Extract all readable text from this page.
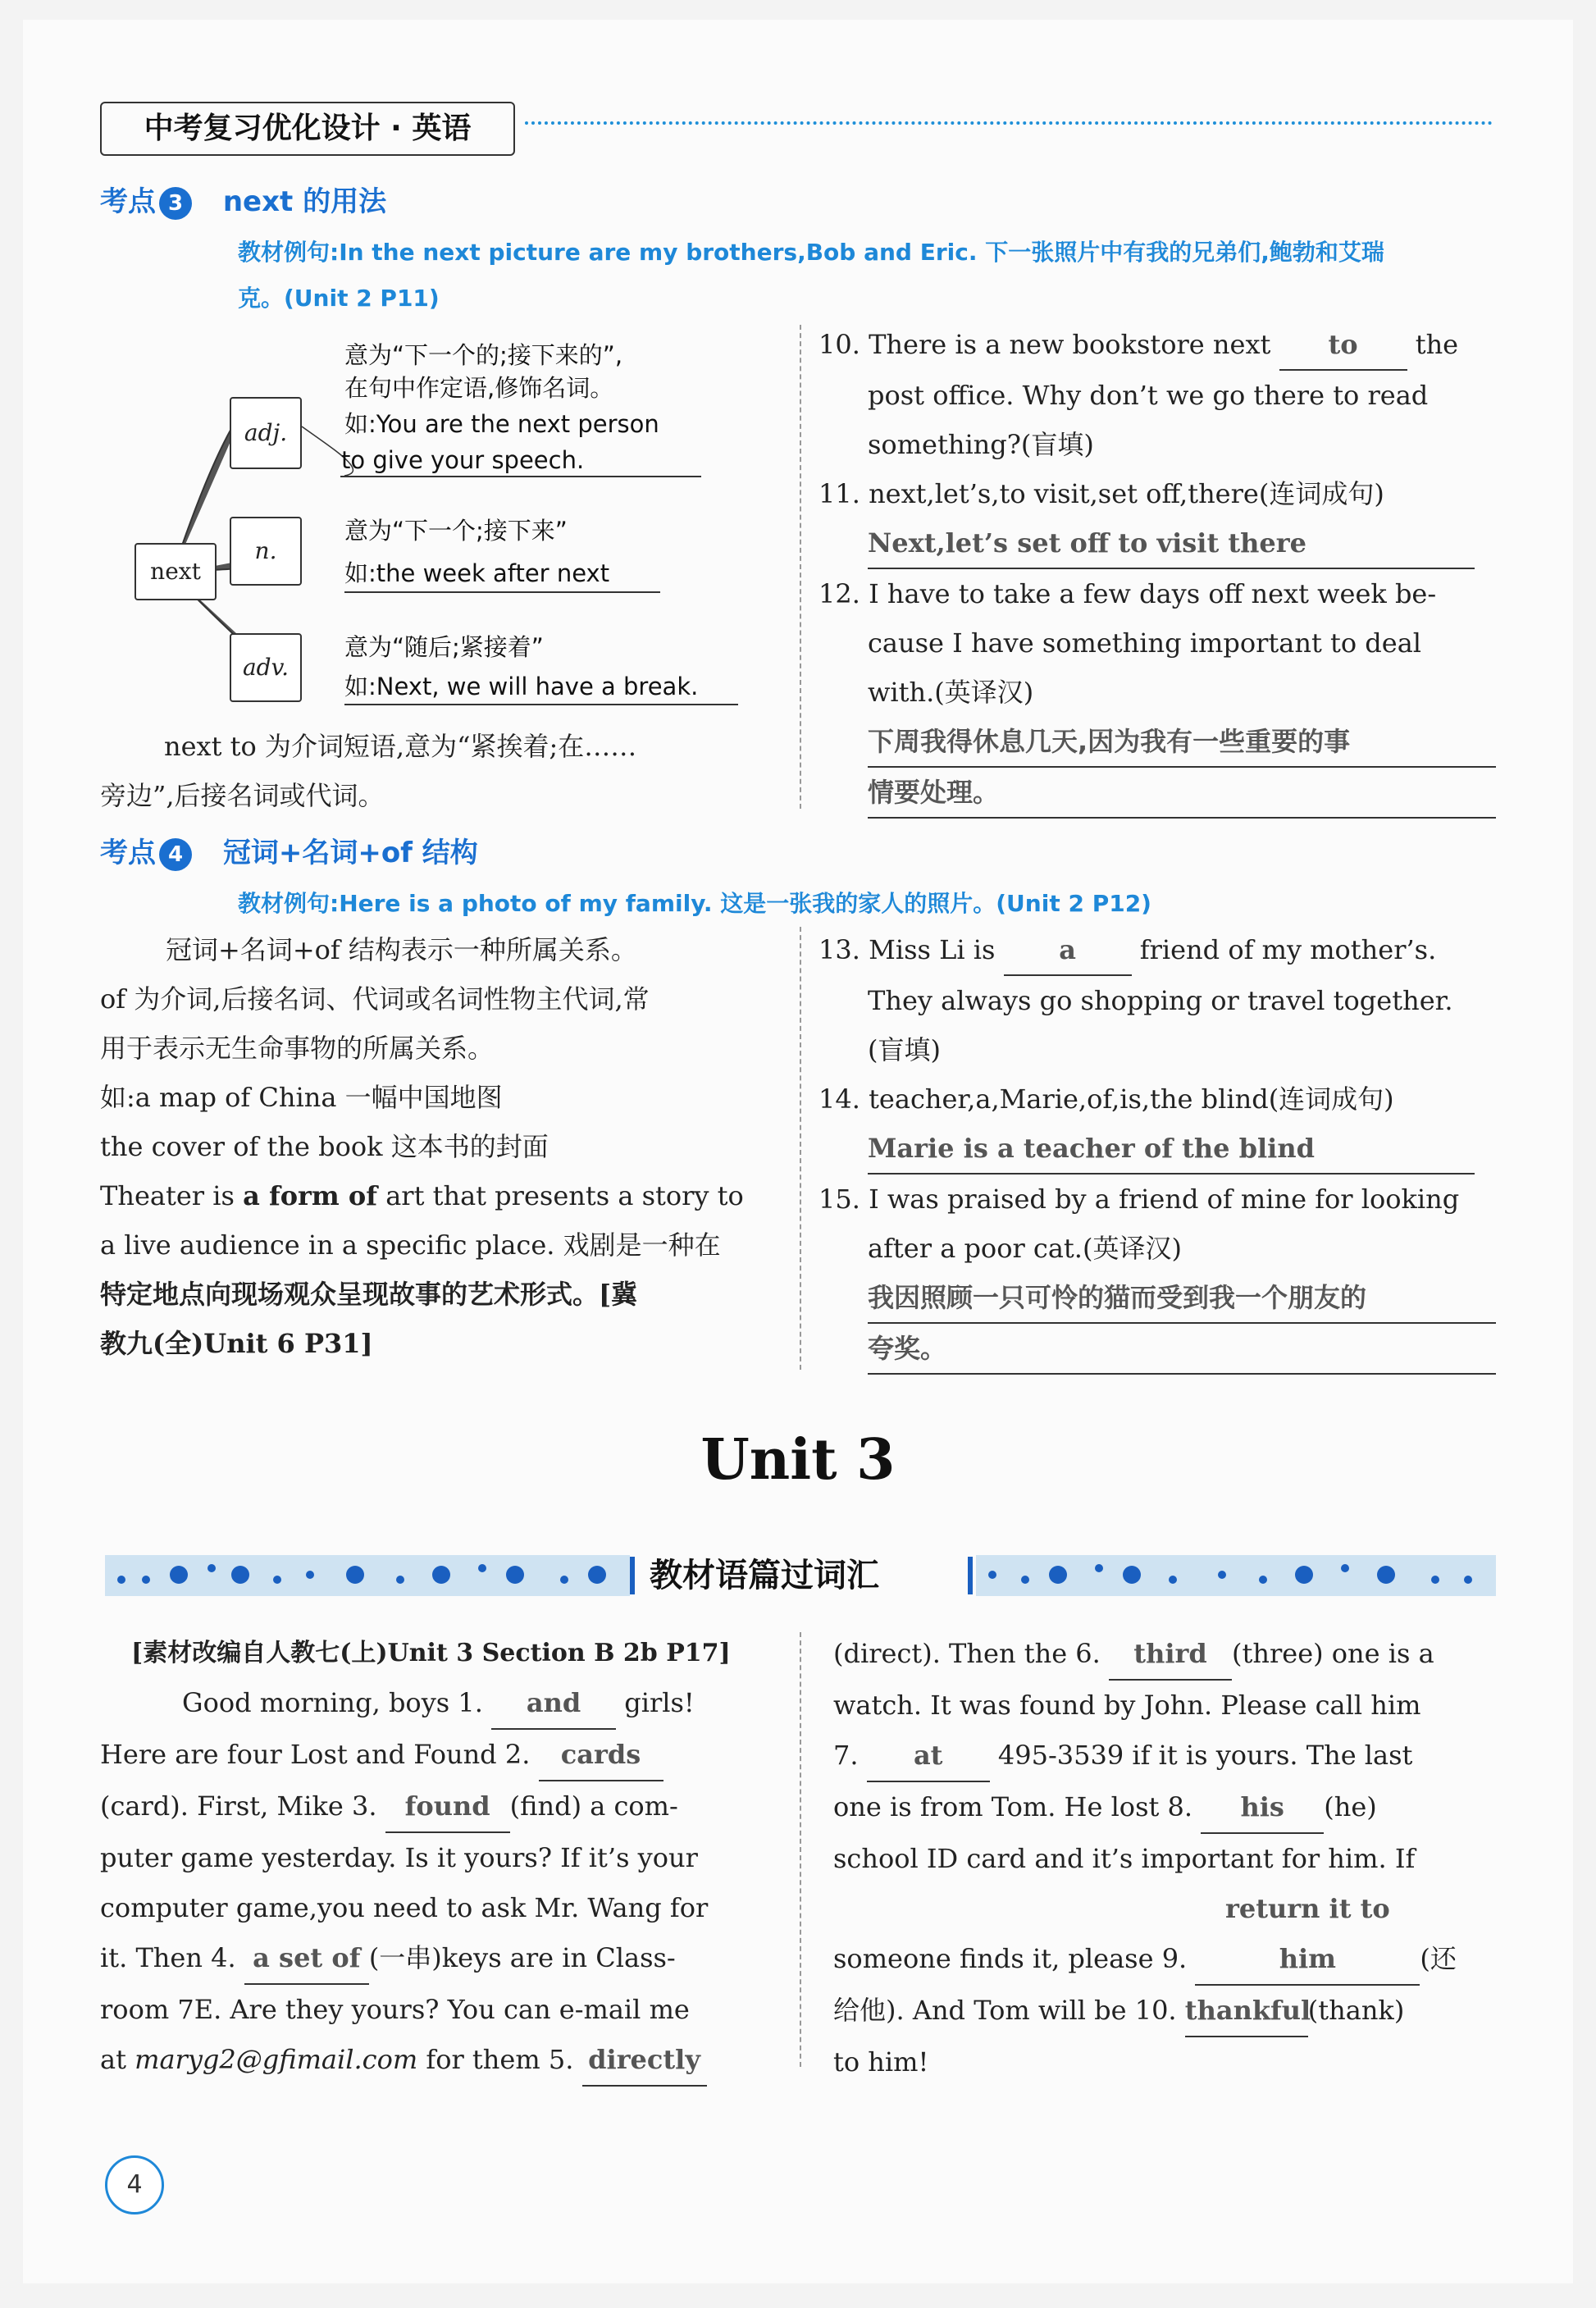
中考复习优化设计 · 英语
考点 3 next 的用法
教材例句:In the next picture are my brothers,Bob and Eric. 下一张照片中有我的兄弟们,鲍勃和艾瑞
克。(Unit 2 P11)
next
adj.
n.
adv.
意为“下一个的;接下来的”,
在句中作定语,修饰名词。
如:You are the next person
to give your speech.
意为“下一个;接下来”
如:the week after next
意为“随后;紧接着”
如:Next, we will have a break.
next to 为介词短语,意为“紧挨着;在……
旁边”,后接名词或代词。
10. There is a new bookstore next to the
post office. Why don’t we go there to read
something?(盲填)
11. next,let’s,to visit,set off,there(连词成句)
Next,let’s set off to visit there
12. I have to take a few days off next week be-
cause I have something important to deal
with.(英译汉)
下周我得休息几天,因为我有一些重要的事
情要处理。
考点 4 冠词+名词+of 结构
教材例句:Here is a photo of my family. 这是一张我的家人的照片。(Unit 2 P12)
冠词+名词+of 结构表示一种所属关系。
of 为介词,后接名词、代词或名词性物主代词,常
用于表示无生命事物的所属关系。
如:a map of China 一幅中国地图
the cover of the book 这本书的封面
Theater is a form of art that presents a story to
a live audience in a specific place. 戏剧是一种在
特定地点向现场观众呈现故事的艺术形式。[冀
教九(全)Unit 6 P31]
13. Miss Li is a friend of my mother’s.
They always go shopping or travel together.
(盲填)
14. teacher,a,Marie,of,is,the blind(连词成句)
Marie is a teacher of the blind
15. I was praised by a friend of mine for looking
after a poor cat.(英译汉)
我因照顾一只可怜的猫而受到我一个朋友的
夸奖。
Unit 3
教材语篇过词汇
[素材改编自人教七(上)Unit 3 Section B 2b P17]
Good morning, boys 1. and girls!
Here are four Lost and Found 2. cards
(card). First, Mike 3. found (find) a com-
puter game yesterday. Is it yours? If it’s your
computer game,you need to ask Mr. Wang for
it. Then 4. a set of (一串)keys are in Class-
room 7E. Are they yours? You can e-mail me
at maryg2@gfimail.com for them 5. directly
(direct). Then the 6. third (three) one is a
watch. It was found by John. Please call him
7. at 495-3539 if it is yours. The last
one is from Tom. He lost 8. his (he)
school ID card and it’s important for him. If
someone finds it, please 9. return it to him	(还
给他). And Tom will be 10. thankful(thank)
to him!
4
